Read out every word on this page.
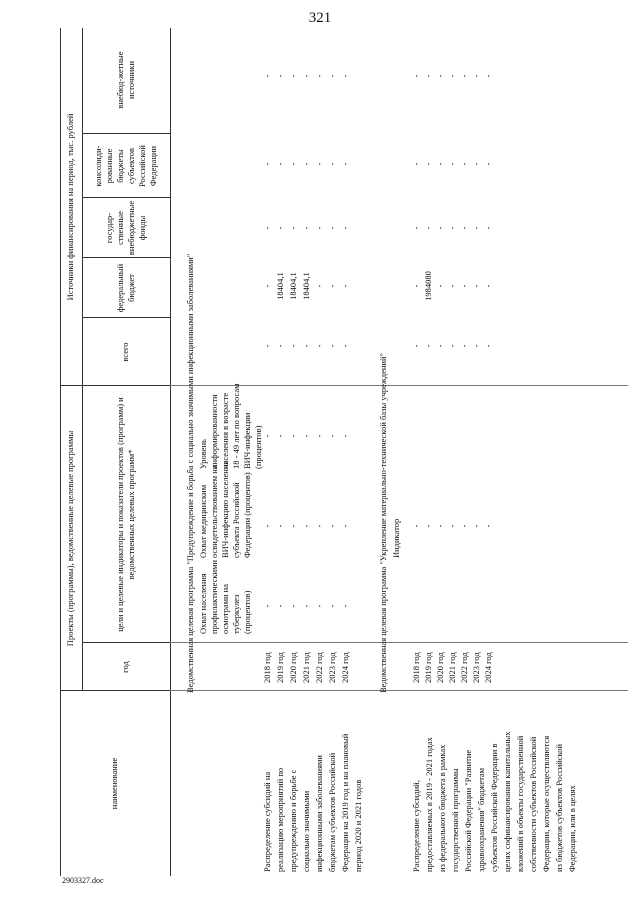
321
Проекты (программы), ведомственные целевые программы
Источники финансирования на период, тыс. рублей
наименование
год
цели и целевые индикаторы и показатели проектов (программ) и ведомственных целевых программ*
всего
федеральный бюджет
государ-ственные внебюджетные фонды
консолиди-рованные бюджеты субъектов Российской Федерации
внебюд-жетные источники
Ведомственная целевая программа "Предупреждение и борьба с социально значимыми инфекционными заболеваниями" Охват населения профилактическими осмотрами на туберкулез (процентов)
Охват медицинским освидетельствованием на ВИЧ-инфекцию населения субъекта Российской Федерации (процентов)
Уровень информированности населения в возрасте 18 - 49 лет по вопросам ВИЧ-инфекции (процентов)
2018 год
-
-
-
-
-
-
-
-
2019 год
-
-
-
-
18404,1
-
-
-
2020 год
-
-
-
-
18404,1
-
-
-
2021 год
-
-
-
-
18404,1
-
-
-
2022 год
-
-
-
-
-
-
-
-
2023 год
-
-
-
-
-
-
-
-
2024 год
-
-
-
-
-
-
-
-
Распределение субсидий на реализацию мероприятий по предупреждению и борьбе с социально значимыми инфекционными заболеваниями бюджетам субъектов Российской Федерации на 2019 год и на плановый период 2020 и 2021 годов
Ведомственная целевая программа "Укрепление материально-технической базы учреждений" Индикатор
2018 год
-
-
-
-
-
-
2019 год
-
-
1984080
-
-
-
2020 год
-
-
-
-
-
-
2021 год
-
-
-
-
-
-
2022 год
-
-
-
-
-
-
2023 год
-
-
-
-
-
-
2024 год
-
-
-
-
-
-
Распределение субсидий, предоставляемых в 2019 - 2021 годах из федерального бюджета в рамках государственной программы Российской Федерации "Развитие здравоохранения" бюджетам субъектов Российской Федерации в целях софинансирования капитальных вложений в объекты государственной собственности субъектов Российской Федерации, которые осуществляются из бюджетов субъектов Российской Федерации, или в целях
2903327.doc
